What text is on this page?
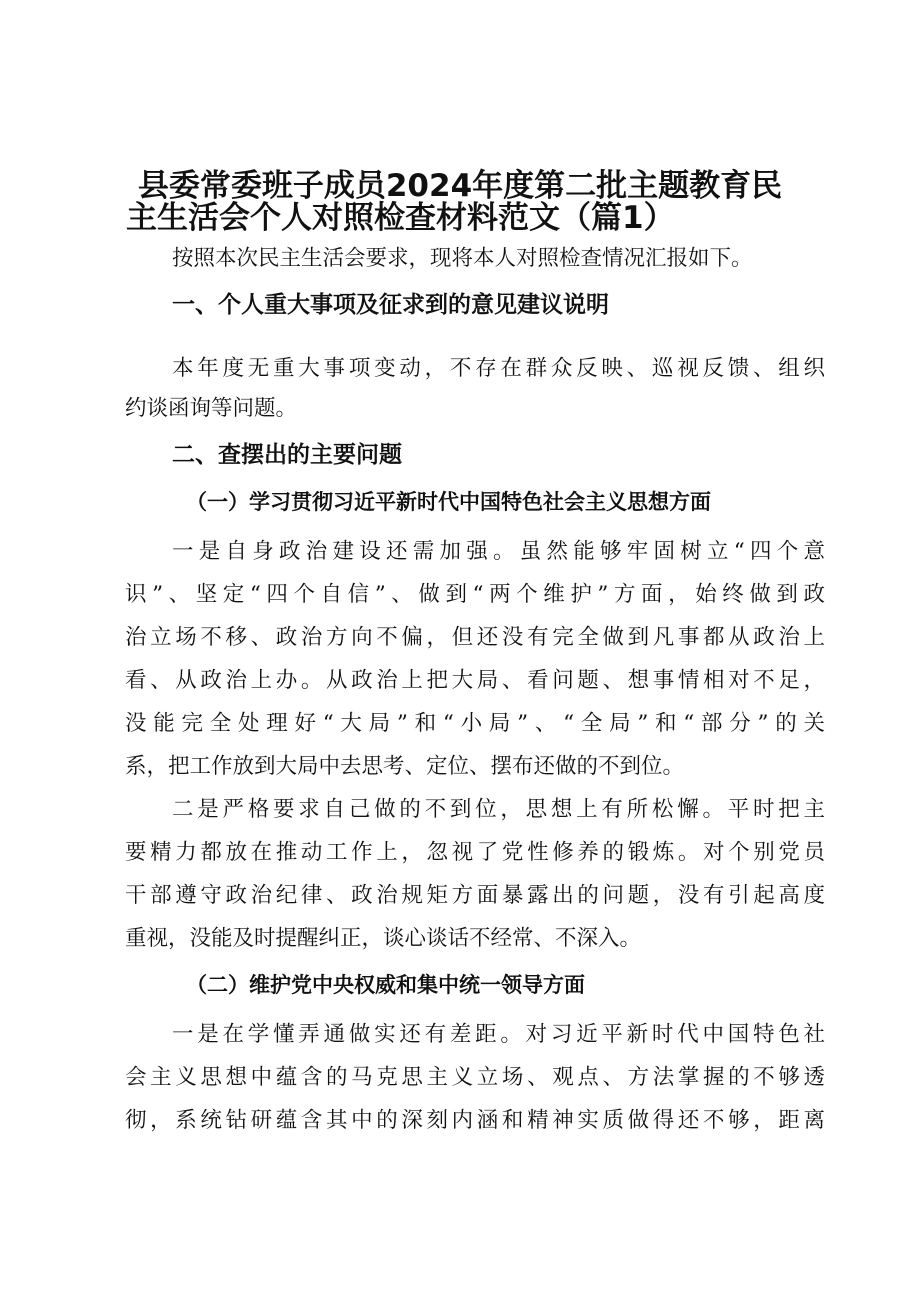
县委常委班子成员2024年度第二批主题教育民
主生活会个人对照检查材料范文（篇1）
按照本次民主生活会要求，现将本人对照检查情况汇报如下。
一、个人重大事项及征求到的意见建议说明
本年度无重大事项变动，不存在群众反映、巡视反馈、组织
约谈函询等问题。
二、查摆出的主要问题
（一）学习贯彻习近平新时代中国特色社会主义思想方面
一是自身政治建设还需加强。虽然能够牢固树立“四个意
识”、坚定“四个自信”、做到“两个维护”方面，始终做到政
治立场不移、政治方向不偏，但还没有完全做到凡事都从政治上
看、从政治上办。从政治上把大局、看问题、想事情相对不足，
没能完全处理好“大局”和“小局”、“全局”和“部分”的关
系，把工作放到大局中去思考、定位、摆布还做的不到位。
二是严格要求自己做的不到位，思想上有所松懈。平时把主
要精力都放在推动工作上，忽视了党性修养的锻炼。对个别党员
干部遵守政治纪律、政治规矩方面暴露出的问题，没有引起高度
重视，没能及时提醒纠正，谈心谈话不经常、不深入。
（二）维护党中央权威和集中统一领导方面
一是在学懂弄通做实还有差距。对习近平新时代中国特色社
会主义思想中蕴含的马克思主义立场、观点、方法掌握的不够透
彻，系统钻研蕴含其中的深刻内涵和精神实质做得还不够，距离
